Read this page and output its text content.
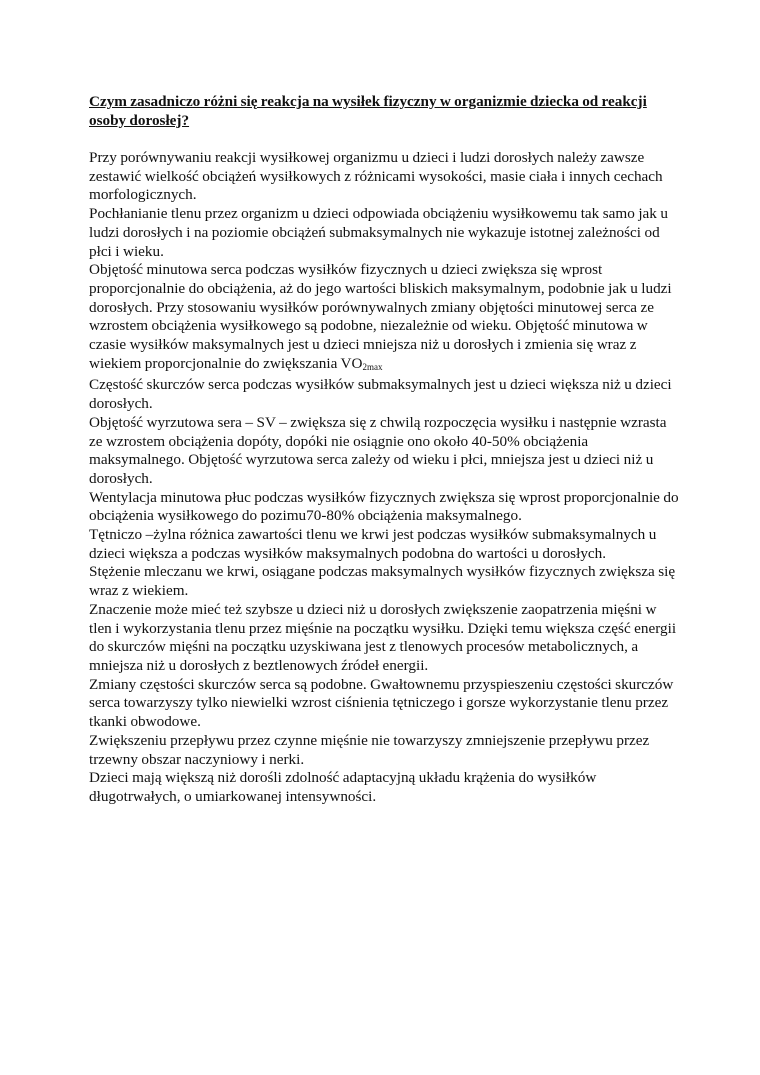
Czym zasadniczo różni się reakcja na wysiłek fizyczny w organizmie dziecka od reakcji osoby dorosłej?

Przy porównywaniu reakcji wysiłkowej organizmu u dzieci i ludzi dorosłych należy zawsze zestawić wielkość obciążeń wysiłkowych z różnicami wysokości, masie ciała i innych cechach morfologicznych.

Pochłanianie tlenu przez organizm u dzieci odpowiada obciążeniu wysiłkowemu tak samo jak u ludzi dorosłych i na poziomie obciążeń submaksymalnych nie wykazuje istotnej zależności od płci i wieku.

Objętość minutowa serca podczas wysiłków fizycznych u dzieci zwiększa się wprost proporcjonalnie do obciążenia, aż do jego wartości bliskich maksymalnym, podobnie jak u ludzi dorosłych. Przy stosowaniu wysiłków porównywalnych zmiany objętości minutowej serca ze wzrostem obciążenia wysiłkowego są podobne, niezależnie od wieku. Objętość minutowa w czasie wysiłków maksymalnych jest u dzieci mniejsza niż u dorosłych i zmienia się wraz z wiekiem proporcjonalnie do zwiększania $VO_{2max}$

Częstość skurczów serca podczas wysiłków submaksymalnych jest u dzieci większa niż u dzieci dorosłych.

Objętość wyrzutowa sera – SV – zwiększa się z chwilą rozpoczęcia wysiłku i następnie wzrasta ze wzrostem obciążenia dopóty, dopóki nie osiągnie ono około 40-50% obciążenia maksymalnego. Objętość wyrzutowa serca zależy od wieku i płci, mniejsza jest u dzieci niż u dorosłych.

Wentylacja minutowa płuc podczas wysiłków fizycznych zwiększa się wprost proporcjonalnie do obciążenia wysiłkowego do pozimu70-80% obciążenia maksymalnego.

Tętniczo –żylna różnica zawartości tlenu we krwi jest podczas wysiłków submaksymalnych u dzieci większa a podczas wysiłków maksymalnych podobna do wartości u dorosłych.

Stężenie mleczanu we krwi, osiągane podczas maksymalnych wysiłków fizycznych zwiększa się wraz z wiekiem.

Znaczenie może mieć też szybsze u dzieci niż u dorosłych zwiększenie zaopatrzenia mięśni w tlen i wykorzystania tlenu przez mięśnie na początku wysiłku. Dzięki temu większa część energii do skurczów mięśni na początku uzyskiwana jest z tlenowych procesów metabolicznych, a mniejsza niż u dorosłych z beztlenowych źródeł energii.

Zmiany częstości skurczów serca są podobne. Gwałtownemu przyspieszeniu częstości skurczów serca towarzyszy tylko niewielki wzrost ciśnienia tętniczego i gorsze wykorzystanie tlenu przez tkanki obwodowe.

Zwiększeniu przepływu przez czynne mięśnie nie towarzyszy zmniejszenie przepływu przez trzewny obszar naczyniowy i nerki.

Dzieci mają większą niż dorośli zdolność adaptacyjną układu krążenia do wysiłków długotrwałych, o umiarkowanej intensywności.
